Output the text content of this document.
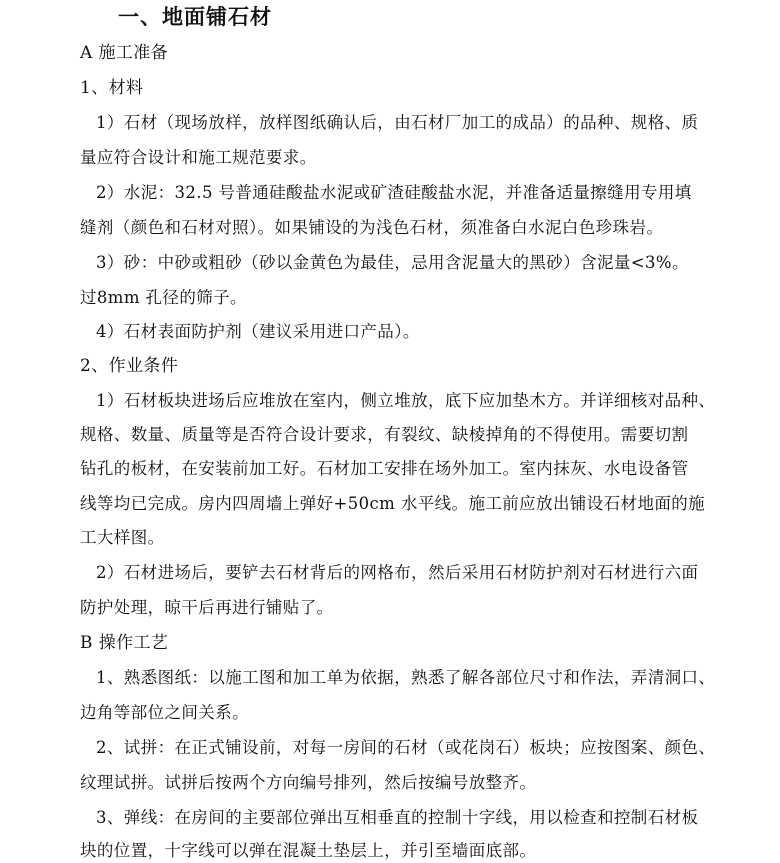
一、地面铺石材
A 施工准备
1、材料
1）石材（现场放样，放样图纸确认后，由石材厂加工的成品）的品种、规格、质
量应符合设计和施工规范要求。
2）水泥：32.5 号普通硅酸盐水泥或矿渣硅酸盐水泥，并准备适量擦缝用专用填
缝剂（颜色和石材对照）。如果铺设的为浅色石材，须准备白水泥白色珍珠岩。
3）砂：中砂或粗砂（砂以金黄色为最佳，忌用含泥量大的黑砂）含泥量<3%。
过8mm 孔径的筛子。
4）石材表面防护剂（建议采用进口产品）。
2、作业条件
1）石材板块进场后应堆放在室内，侧立堆放，底下应加垫木方。并详细核对品种、
规格、数量、质量等是否符合设计要求，有裂纹、缺棱掉角的不得使用。需要切割
钻孔的板材，在安装前加工好。石材加工安排在场外加工。室内抹灰、水电设备管
线等均已完成。房内四周墙上弹好+50cm 水平线。施工前应放出铺设石材地面的施
工大样图。
2）石材进场后，要铲去石材背后的网格布，然后采用石材防护剂对石材进行六面
防护处理，晾干后再进行铺贴了。
B 操作工艺
1、熟悉图纸：以施工图和加工单为依据，熟悉了解各部位尺寸和作法，弄清洞口、
边角等部位之间关系。
2、试拼：在正式铺设前，对每一房间的石材（或花岗石）板块；应按图案、颜色、
纹理试拼。试拼后按两个方向编号排列，然后按编号放整齐。
3、弹线：在房间的主要部位弹出互相垂直的控制十字线，用以检查和控制石材板
块的位置，十字线可以弹在混凝土垫层上，并引至墙面底部。
